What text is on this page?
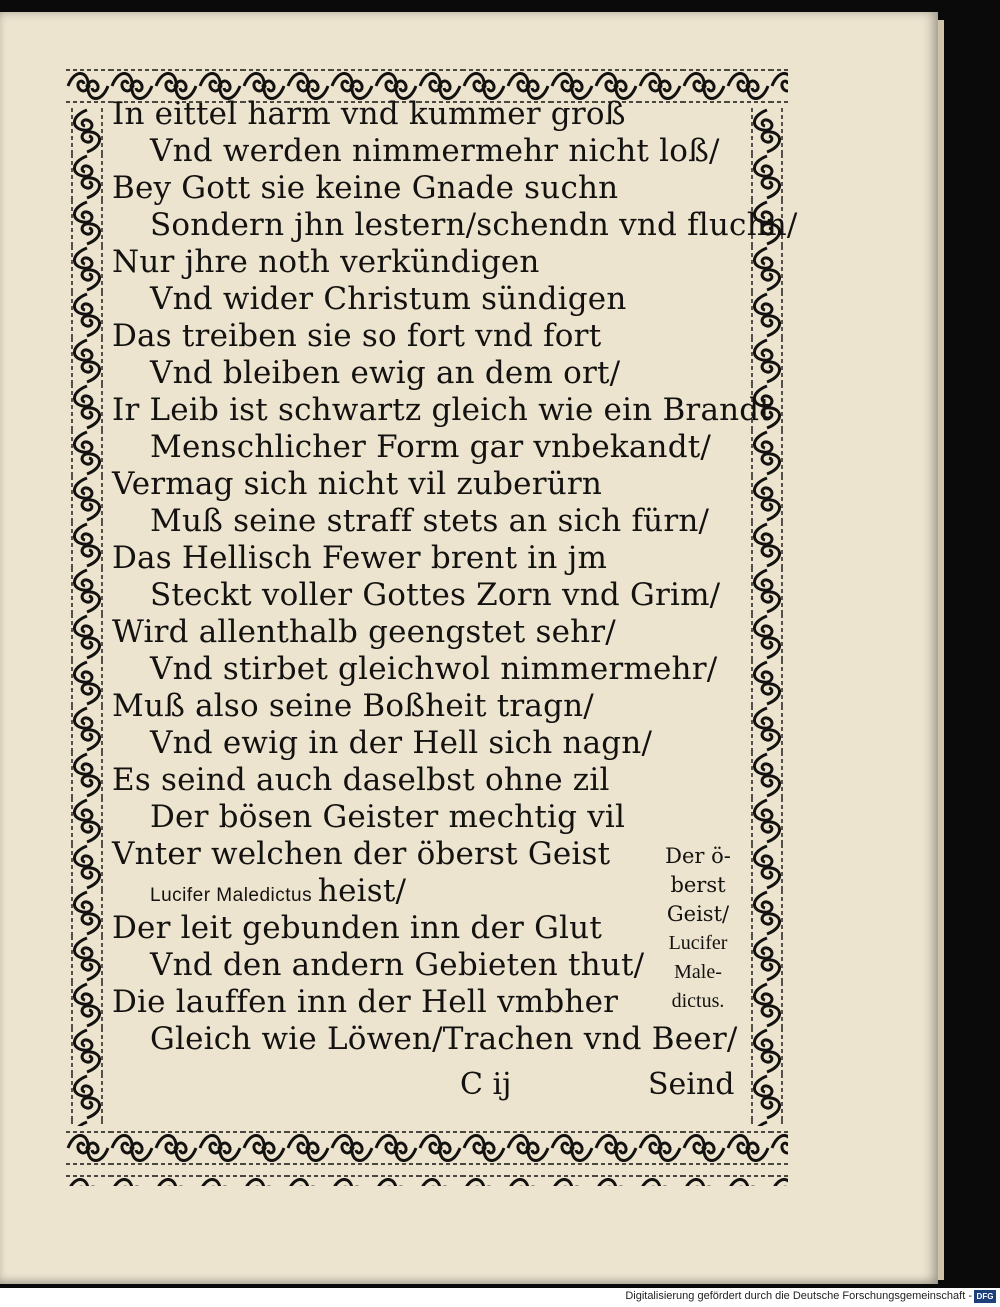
In eittel harm vnd kummer groß
Vnd werden nimmermehr nicht loß/
Bey Gott sie keine Gnade suchn
Sondern jhn lestern/schendn vnd fluchn/
Nur jhre noth verkündigen
Vnd wider Christum sündigen
Das treiben sie so fort vnd fort
Vnd bleiben ewig an dem ort/
Ir Leib ist schwartz gleich wie ein Brandt
Menschlicher Form gar vnbekandt/
Vermag sich nicht vil zuberürn
Muß seine straff stets an sich fürn/
Das Hellisch Fewer brent in jm
Steckt voller Gottes Zorn vnd Grim/
Wird allenthalb geengstet sehr/
Vnd stirbet gleichwol nimmermehr/
Muß also seine Boßheit tragn/
Vnd ewig in der Hell sich nagn/
Es seind auch daselbst ohne zil
Der bösen Geister mechtig vil
Vnter welchen der öberst Geist
Lucifer Maledictus heist/
Der leit gebunden inn der Glut
Vnd den andern Gebieten thut/
Die lauffen inn der Hell vmbher
Gleich wie Löwen/Trachen vnd Beer/
Der ö-
berst
Geist/
Lucifer
Male-
dictus.
C ij	Seind
Digitalisierung gefördert durch die Deutsche Forschungsgemeinschaft - DFG
